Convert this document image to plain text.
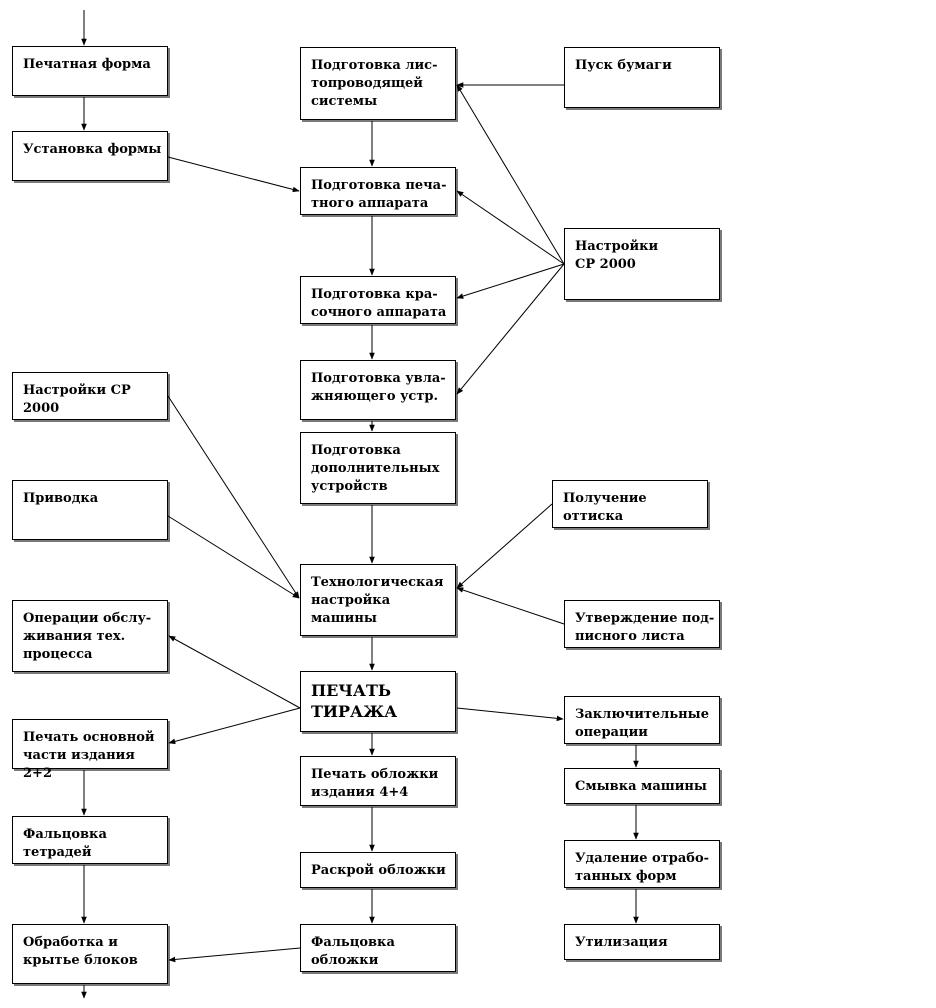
Печатная форма
Установка формы
Настройки СР
2000
Приводка
Операции обслу-
живания тех.
процесса
Печать основной
части издания 2+2
Фальцовка
тетрадей
Обработка и
крытье блоков
Подготовка лис-
топроводящей
системы
Подготовка печа-
тного аппарата
Подготовка кра-
сочного аппарата
Подготовка увла-
жняющего устр.
Подготовка
дополнительных
устройств
Технологическая
настройка
машины
ПЕЧАТЬ
ТИРАЖА
Печать обложки
издания 4+4
Раскрой обложки
Фальцовка
обложки
Пуск бумаги
Настройки
СР 2000
Получение
оттиска
Утверждение под-
писного листа
Заключительные
операции
Смывка машины
Удаление отрабо-
танных форм
Утилизация
